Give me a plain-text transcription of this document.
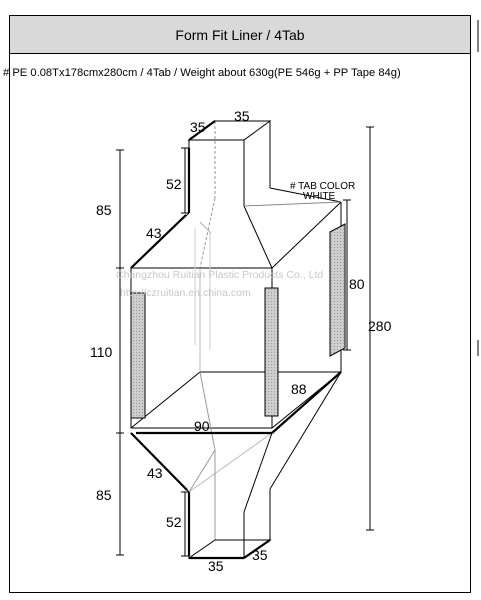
Form Fit Liner / 4Tab
# PE 0.08Tx178cmx280cm / 4Tab / Weight about 630g(PE 546g + PP Tape 84g)
# TAB COLOR
WHITE
35
35
52
85
43
80
280
110
88
90
43
85
52
35
35
Changzhou Ruitian Plastic Products Co., Ltd
http://czruitian.en.china.com
